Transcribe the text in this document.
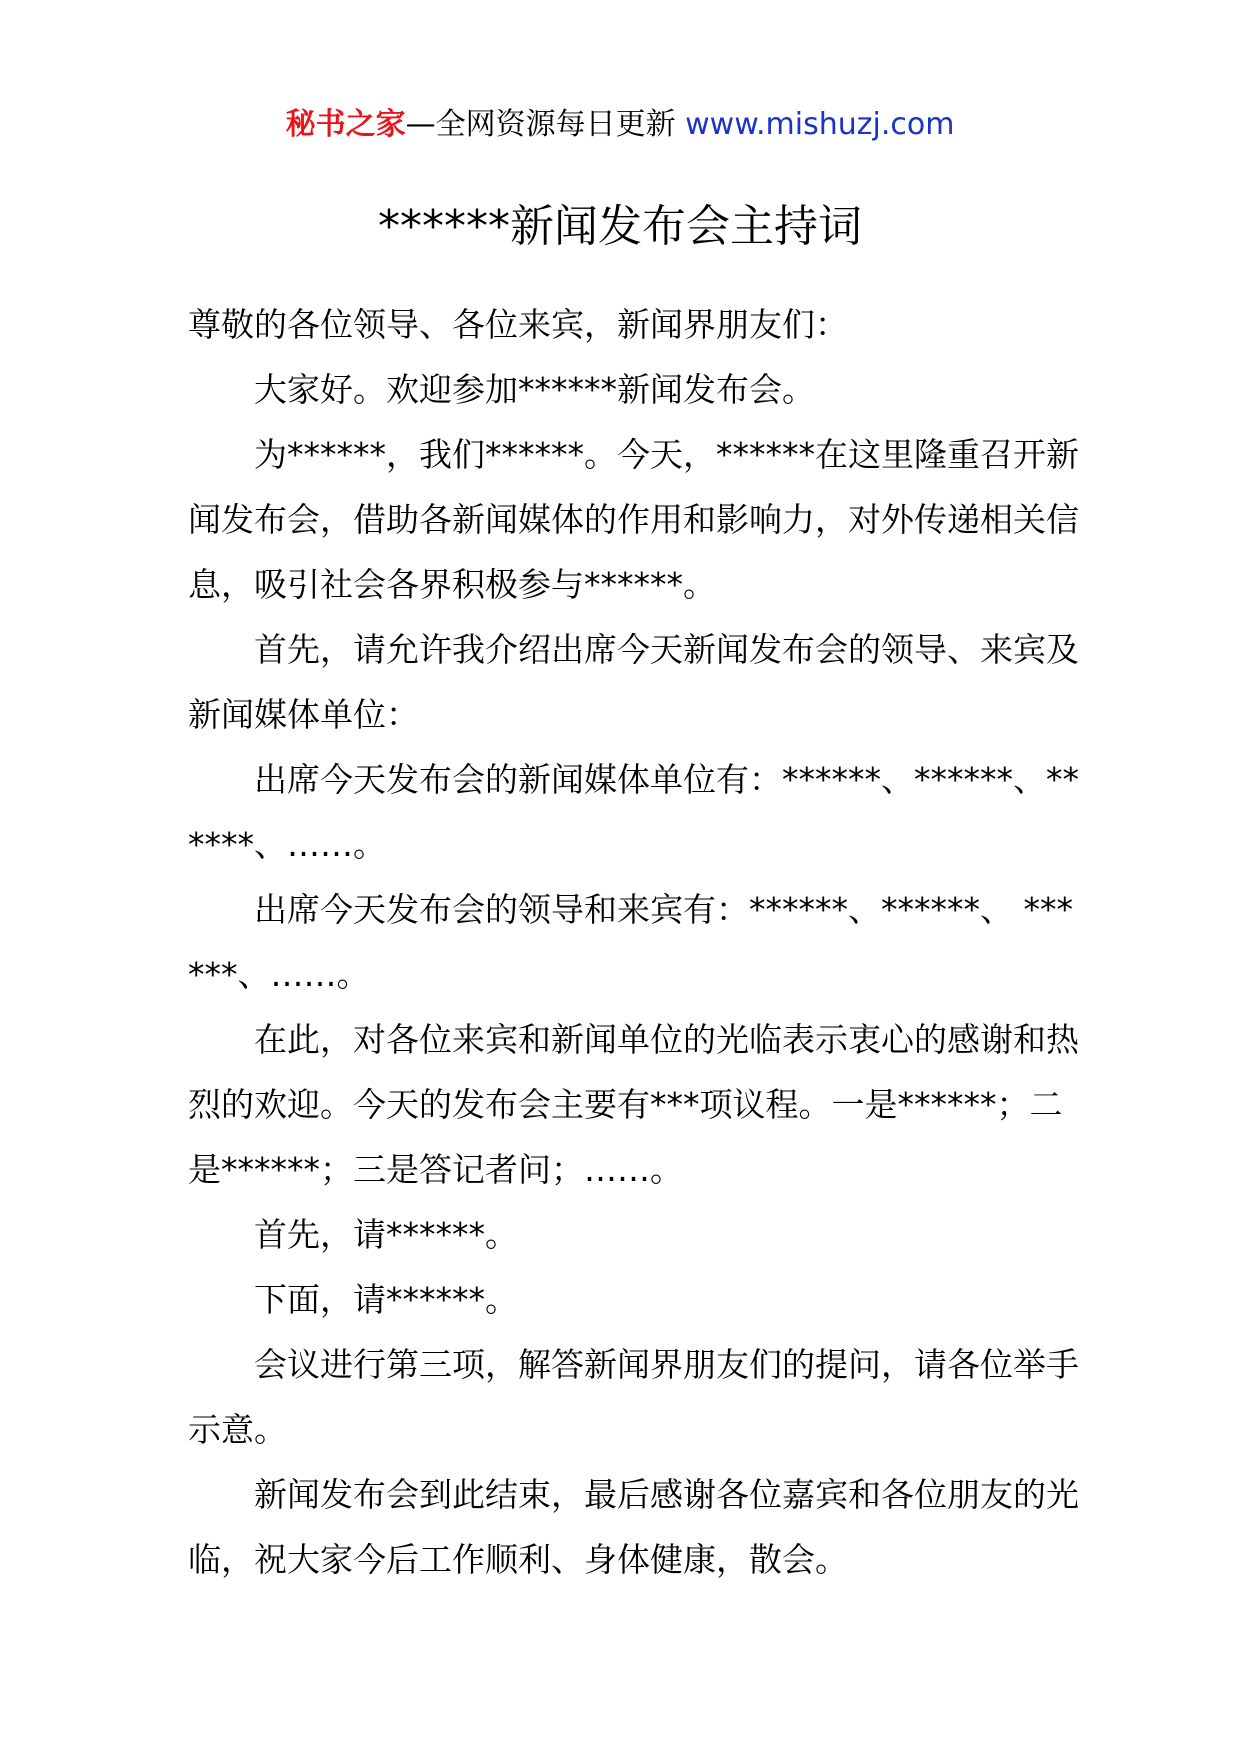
秘书之家—全网资源每日更新 www.mishuzj.com
******新闻发布会主持词

尊敬的各位领导、各位来宾，新闻界朋友们：

大家好。欢迎参加******新闻发布会。

为******，我们******。今天，******在这里隆重召开新闻发布会，借助各新闻媒体的作用和影响力，对外传递相关信息，吸引社会各界积极参与******。

首先，请允许我介绍出席今天新闻发布会的领导、来宾及新闻媒体单位：

出席今天发布会的新闻媒体单位有：******、******、******、……。

出席今天发布会的领导和来宾有：******、******、 ******、……。

在此，对各位来宾和新闻单位的光临表示衷心的感谢和热烈的欢迎。今天的发布会主要有***项议程。一是******；二是******；三是答记者问；……。

首先，请******。

下面，请******。

会议进行第三项，解答新闻界朋友们的提问，请各位举手示意。

新闻发布会到此结束，最后感谢各位嘉宾和各位朋友的光临，祝大家今后工作顺利、身体健康，散会。
